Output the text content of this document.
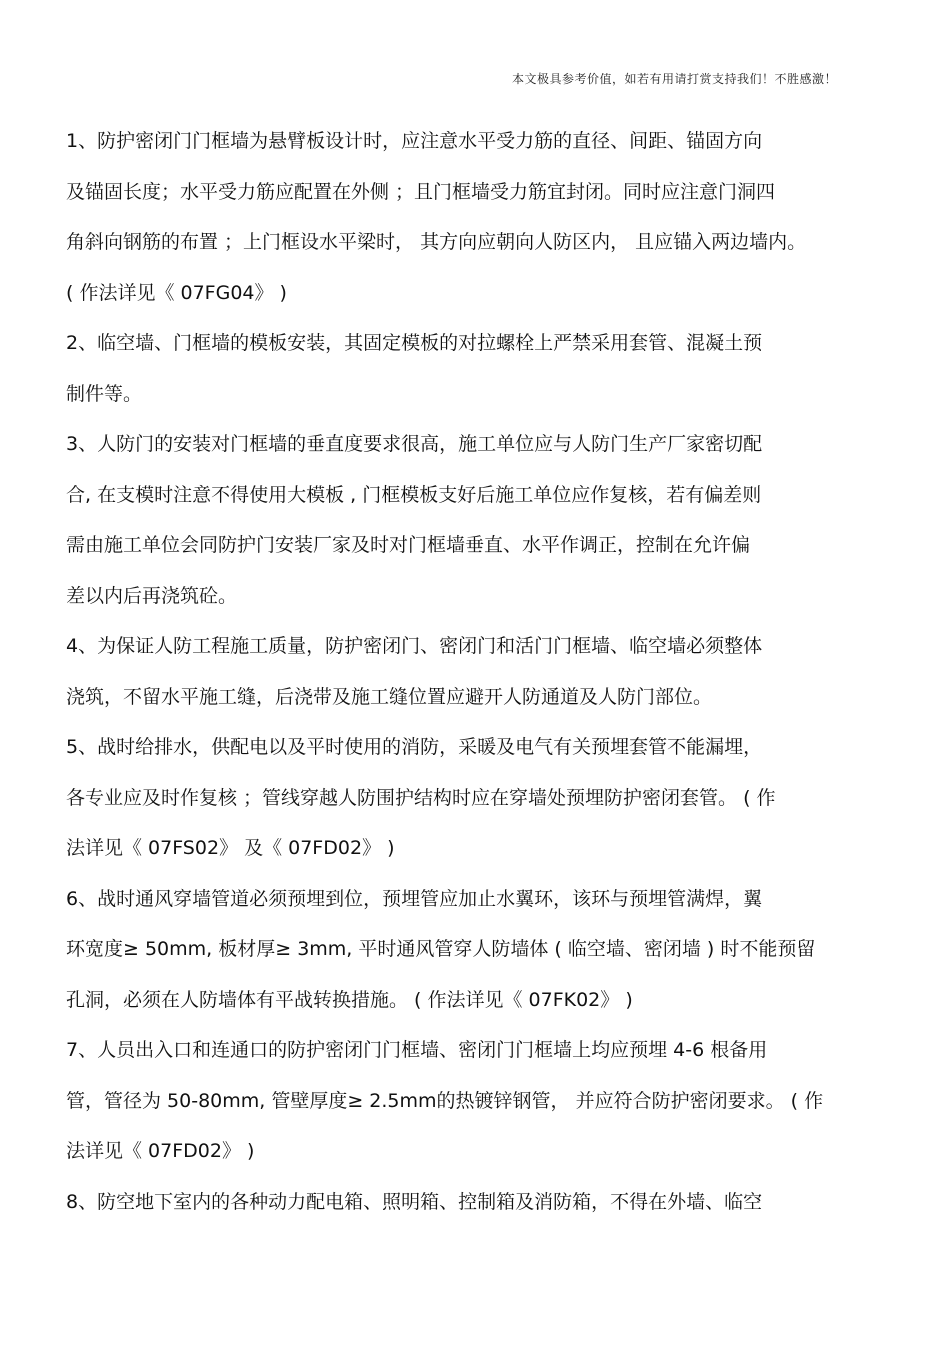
本文极具参考价值，如若有用请打赏支持我们！不胜感激！
1、防护密闭门门框墙为悬臂板设计时，应注意水平受力筋的直径、间距、锚固方向
及锚固长度；水平受力筋应配置在外侧 ；且门框墙受力筋宜封闭。同时应注意门洞四
角斜向钢筋的布置 ；上门框设水平梁时， 其方向应朝向人防区内， 且应锚入两边墙内。
( 作法详见《 07FG04》 )
2、临空墙、门框墙的模板安装，其固定模板的对拉螺栓上严禁采用套管、混凝土预
制件等。
3、人防门的安装对门框墙的垂直度要求很高，施工单位应与人防门生产厂家密切配
合, 在支模时注意不得使用大模板 , 门框模板支好后施工单位应作复核，若有偏差则
需由施工单位会同防护门安装厂家及时对门框墙垂直、水平作调正，控制在允许偏
差以内后再浇筑砼。
4、为保证人防工程施工质量，防护密闭门、密闭门和活门门框墙、临空墙必须整体
浇筑，不留水平施工缝，后浇带及施工缝位置应避开人防通道及人防门部位。
5、战时给排水，供配电以及平时使用的消防，采暖及电气有关预埋套管不能漏埋，
各专业应及时作复核 ；管线穿越人防围护结构时应在穿墙处预埋防护密闭套管。 ( 作
法详见《 07FS02》 及《 07FD02》 )
6、战时通风穿墙管道必须预埋到位，预埋管应加止水翼环，该环与预埋管满焊，翼
环宽度≥ 50mm, 板材厚≥ 3mm, 平时通风管穿人防墙体 ( 临空墙、密闭墙 ) 时不能预留
孔洞，必须在人防墙体有平战转换措施。 ( 作法详见《 07FK02》 )
7、人员出入口和连通口的防护密闭门门框墙、密闭门门框墙上均应预埋 4-6 根备用
管，管径为 50-80mm, 管壁厚度≥ 2.5mm的热镀锌钢管， 并应符合防护密闭要求。 ( 作
法详见《 07FD02》 )
8、防空地下室内的各种动力配电箱、照明箱、控制箱及消防箱，不得在外墙、临空
